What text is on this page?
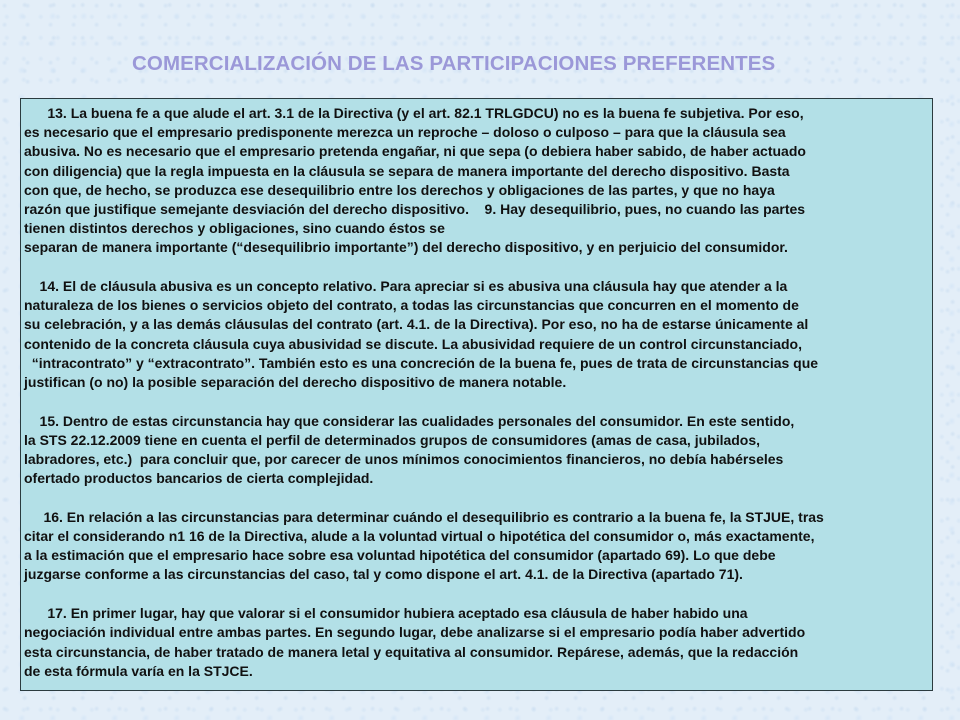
COMERCIALIZACIÓN DE LAS PARTICIPACIONES PREFERENTES
13. La buena fe a que alude el art. 3.1 de la Directiva (y el art. 82.1 TRLGDCU) no es la buena fe subjetiva. Por eso,
es necesario que el empresario predisponente merezca un reproche – doloso o culposo – para que la cláusula sea
abusiva. No es necesario que el empresario pretenda engañar, ni que sepa (o debiera haber sabido, de haber actuado
con diligencia) que la regla impuesta en la cláusula se separa de manera importante del derecho dispositivo. Basta
con que, de hecho, se produzca ese desequilibrio entre los derechos y obligaciones de las partes, y que no haya
razón que justifique semejante desviación del derecho dispositivo.    9. Hay desequilibrio, pues, no cuando las partes
tienen distintos derechos y obligaciones, sino cuando éstos se
separan de manera importante (“desequilibrio importante”) del derecho dispositivo, y en perjuicio del consumidor.
14. El de cláusula abusiva es un concepto relativo. Para apreciar si es abusiva una cláusula hay que atender a la
naturaleza de los bienes o servicios objeto del contrato, a todas las circunstancias que concurren en el momento de
su celebración, y a las demás cláusulas del contrato (art. 4.1. de la Directiva). Por eso, no ha de estarse únicamente al
contenido de la concreta cláusula cuya abusividad se discute. La abusividad requiere de un control circunstanciado,
“intracontrato” y “extracontrato”. También esto es una concreción de la buena fe, pues de trata de circunstancias que
justifican (o no) la posible separación del derecho dispositivo de manera notable.
15. Dentro de estas circunstancia hay que considerar las cualidades personales del consumidor. En este sentido,
la STS 22.12.2009 tiene en cuenta el perfil de determinados grupos de consumidores (amas de casa, jubilados,
labradores, etc.)  para concluir que, por carecer de unos mínimos conocimientos financieros, no debía habérseles
ofertado productos bancarios de cierta complejidad.
16. En relación a las circunstancias para determinar cuándo el desequilibrio es contrario a la buena fe, la STJUE, tras
citar el considerando n1 16 de la Directiva, alude a la voluntad virtual o hipotética del consumidor o, más exactamente,
a la estimación que el empresario hace sobre esa voluntad hipotética del consumidor (apartado 69). Lo que debe
juzgarse conforme a las circunstancias del caso, tal y como dispone el art. 4.1. de la Directiva (apartado 71).
17. En primer lugar, hay que valorar si el consumidor hubiera aceptado esa cláusula de haber habido una
negociación individual entre ambas partes. En segundo lugar, debe analizarse si el empresario podía haber advertido
esta circunstancia, de haber tratado de manera letal y equitativa al consumidor. Repárese, además, que la redacción
de esta fórmula varía en la STJCE.
